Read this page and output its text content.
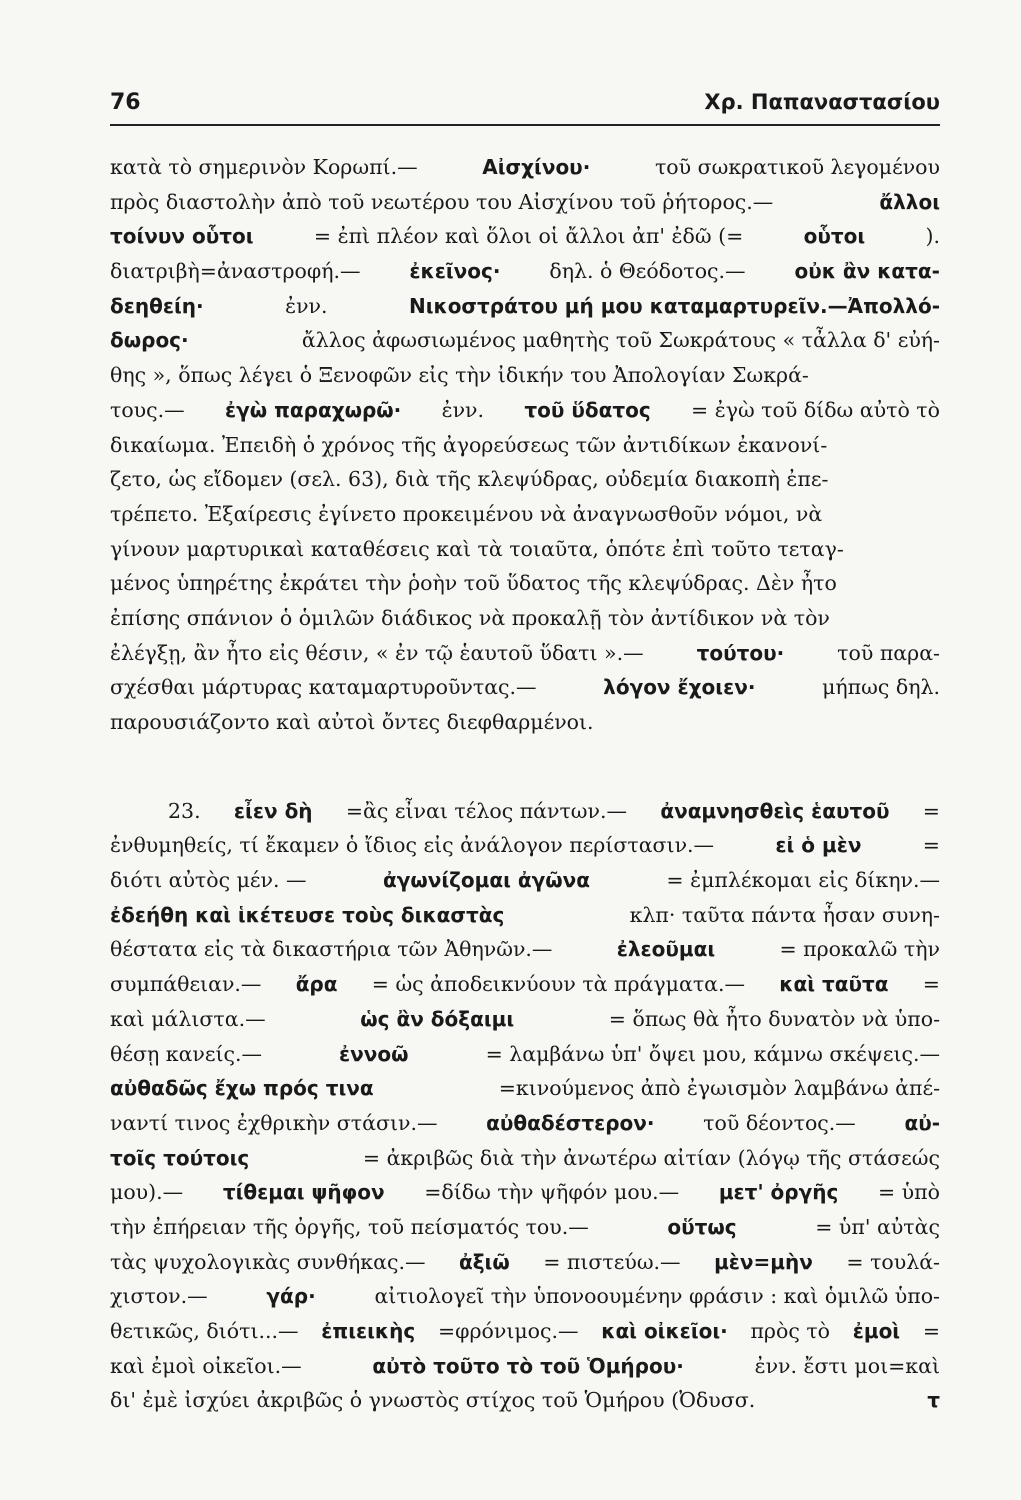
76	Χρ. Παπαναστασίου
κατὰ τὸ σημερινὸν Κορωπί.—	Αἰσχίνου·	τοῦ σωκρατικοῦ λεγομένου
πρὸς διαστολὴν ἀπὸ τοῦ νεωτέρου του Αἰσχίνου τοῦ ῥήτορος.—	ἄλλοι
τοίνυν οὗτοι	= ἐπὶ πλέον καὶ ὅλοι οἱ ἄλλοι ἀπ' ἐδῶ (=	οὗτοι	).
διατριβὴ=ἀναστροφή.— ἐκεῖνος· δηλ. ὁ Θεόδοτος.— οὐκ ἂν κατα-
δεηθείη·	ἐνν.	Νικοστράτου μή μου καταμαρτυρεῖν.—Ἀπολλό-
δωρος·	ἄλλος ἀφωσιωμένος μαθητὴς τοῦ Σωκράτους « τἆλλα δ' εὐή-
θης », ὅπως λέγει ὁ Ξενοφῶν εἰς τὴν ἰδικήν του Ἀπολογίαν Σωκρά-
τους.— ἐγὼ παραχωρῶ· ἐνν. τοῦ ὕδατος = ἐγὼ τοῦ δίδω αὐτὸ τὸ
δικαίωμα. Ἐπειδὴ ὁ χρόνος τῆς ἀγορεύσεως τῶν ἀντιδίκων ἐκανονί-
ζετο, ὡς εἴδομεν (σελ. 63), διὰ τῆς κλεψύδρας, οὐδεμία διακοπὴ ἐπε-
τρέπετο. Ἐξαίρεσις ἐγίνετο προκειμένου νὰ ἀναγνωσθοῦν νόμοι, νὰ
γίνουν μαρτυρικαὶ καταθέσεις καὶ τὰ τοιαῦτα, ὁπότε ἐπὶ τοῦτο τεταγ-
μένος ὑπηρέτης ἐκράτει τὴν ῥοὴν τοῦ ὕδατος τῆς κλεψύδρας. Δὲν ἦτο
ἐπίσης σπάνιον ὁ ὁμιλῶν διάδικος νὰ προκαλῇ τὸν ἀντίδικον νὰ τὸν
ἐλέγξῃ, ἂν ἦτο εἰς θέσιν, « ἐν τῷ ἑαυτοῦ ὕδατι ».—	τούτου·	τοῦ παρα-
σχέσθαι μάρτυρας καταμαρτυροῦντας.—	λόγον ἔχοιεν·	μήπως δηλ.
παρουσιάζοντο καὶ αὐτοὶ ὄντες διεφθαρμένοι.
23. εἶεν δὴ =ἂς εἶναι τέλος πάντων.— ἀναμνησθεὶς ἑαυτοῦ =
ἐνθυμηθείς, τί ἔκαμεν ὁ ἴδιος εἰς ἀνάλογον περίστασιν.—	εἰ ὁ μὲν	=
διότι αὐτὸς μέν. —	ἀγωνίζομαι ἀγῶνα	= ἐμπλέκομαι εἰς δίκην.—
ἐδεήθη καὶ ἱκέτευσε τοὺς δικαστὰς	κλπ· ταῦτα πάντα ἦσαν συνη-
θέστατα εἰς τὰ δικαστήρια τῶν Ἀθηνῶν.—	ἐλεοῦμαι	= προκαλῶ τὴν
συμπάθειαν.— ἄρα = ὡς ἀποδεικνύουν τὰ πράγματα.— καὶ ταῦτα =
καὶ μάλιστα.—	ὡς ἂν δόξαιμι	= ὅπως θὰ ἦτο δυνατὸν νὰ ὑπο-
θέσῃ κανείς.—	ἐννοῶ	= λαμβάνω ὑπ' ὄψει μου, κάμνω σκέψεις.—
αὐθαδῶς ἔχω πρός τινα	=κινούμενος ἀπὸ ἐγωισμὸν λαμβάνω ἀπέ-
ναντί τινος ἐχθρικὴν στάσιν.— αὐθαδέστερον· τοῦ δέοντος.— αὐ-
τοῖς τούτοις	= ἀκριβῶς διὰ τὴν ἀνωτέρω αἰτίαν (λόγῳ τῆς στάσεώς
μου).— τίθεμαι ψῆφον =δίδω τὴν ψῆφόν μου.— μετ' ὀργῆς = ὑπὸ
τὴν ἐπήρειαν τῆς ὀργῆς, τοῦ πείσματός του.—	οὕτως	= ὑπ' αὐτὰς
τὰς ψυχολογικὰς συνθήκας.— ἀξιῶ = πιστεύω.— μὲν=μὴν = τουλά-
χιστον.—	γάρ·	αἰτιολογεῖ τὴν ὑπονοουμένην φράσιν : καὶ ὁμιλῶ ὑπο-
θετικῶς, διότι...— ἐπιεικὴς =φρόνιμος.— καὶ οἰκεῖοι· πρὸς τὸ ἐμοὶ =
καὶ ἐμοὶ οἰκεῖοι.—	αὐτὸ τοῦτο τὸ τοῦ Ὁμήρου·	ἐνν. ἔστι μοι=καὶ
δι' ἐμὲ ἰσχύει ἀκριβῶς ὁ γνωστὸς στίχος τοῦ Ὁμήρου (Ὀδυσσ.	τ
